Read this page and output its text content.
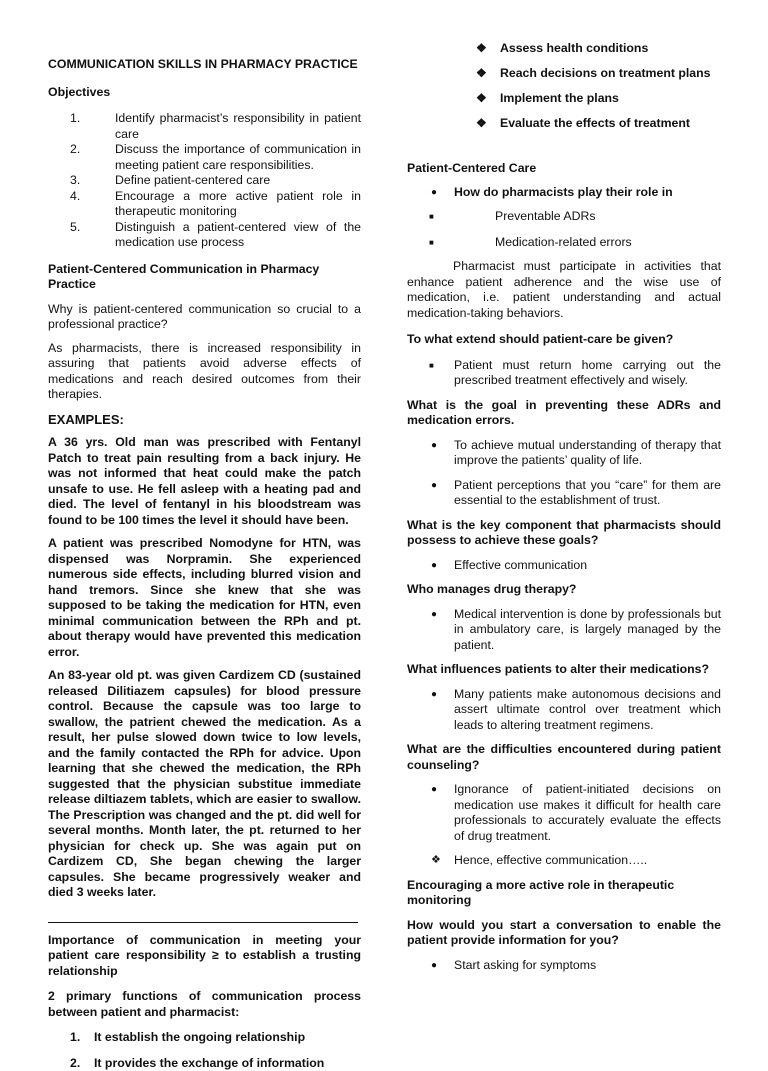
COMMUNICATION SKILLS IN PHARMACY PRACTICE

Objectives

1.	Identify pharmacist’s responsibility in patient care
2.	Discuss the importance of communication in meeting patient care responsibilities.
3.	Define patient-centered care
4.	Encourage a more active patient role in therapeutic monitoring
5.	Distinguish a patient-centered view of the medication use process

Patient-Centered Communication in Pharmacy Practice

Why is patient-centered communication so crucial to a professional practice?

As pharmacists, there is increased responsibility in assuring that patients avoid adverse effects of medications and reach desired outcomes from their therapies.

EXAMPLES:

A 36 yrs. Old man was prescribed with Fentanyl Patch to treat pain resulting from a back injury. He was not informed that heat could make the patch unsafe to use. He fell asleep with a heating pad and died. The level of fentanyl in his bloodstream was found to be 100 times the level it should have been.

A patient was prescribed Nomodyne for HTN, was dispensed was Norpramin. She experienced numerous side effects, including blurred vision and hand tremors. Since she knew that she was supposed to be taking the medication for HTN, even minimal communication between the RPh and pt. about therapy would have prevented this medication error.

An 83-year old pt. was given Cardizem CD (sustained released Dilitiazem capsules) for blood pressure control. Because the capsule was too large to swallow, the patrient chewed the medication. As a result, her pulse slowed down twice to low levels, and the family contacted the RPh for advice. Upon learning that she chewed the medication, the RPh suggested that the physician substitue immediate release diltiazem tablets, which are easier to swallow. The Prescription was changed and the pt. did well for several months. Month later, the pt. returned to her physician for check up. She was again put on Cardizem CD, She began chewing the larger capsules. She became progressively weaker and died 3 weeks later.

Importance of communication in meeting your patient care responsibility ≥ to establish a trusting relationship

2 primary functions of communication process between patient and pharmacist:

1. It establish the ongoing relationship
2. It provides the exchange of information
❖ Assess health conditions
❖ Reach decisions on treatment plans
❖ Implement the plans
❖ Evaluate the effects of treatment

Patient-Centered Care

● How do pharmacists play their role in
■	Preventable ADRs
■	Medication-related errors

Pharmacist must participate in activities that enhance patient adherence and the wise use of medication, i.e. patient understanding and actual medication-taking behaviors.

To what extend should patient-care be given?

■ Patient must return home carrying out the prescribed treatment effectively and wisely.

What is the goal in preventing these ADRs and medication errors.

● To achieve mutual understanding of therapy that improve the patients’ quality of life.
● Patient perceptions that you “care” for them are essential to the establishment of trust.

What is the key component that pharmacists should possess to achieve these goals?

● Effective communication

Who manages drug therapy?

● Medical intervention is done by professionals but in ambulatory care, is largely managed by the patient.

What influences patients to alter their medications?

● Many patients make autonomous decisions and assert ultimate control over treatment which leads to altering treatment regimens.

What are the difficulties encountered during patient counseling?

● Ignorance of patient-initiated decisions on medication use makes it difficult for health care professionals to accurately evaluate the effects of drug treatment.
❖ Hence, effective communication…..

Encouraging a more active role in therapeutic monitoring

How would you start a conversation to enable the patient provide information for you?

● Start asking for symptoms
